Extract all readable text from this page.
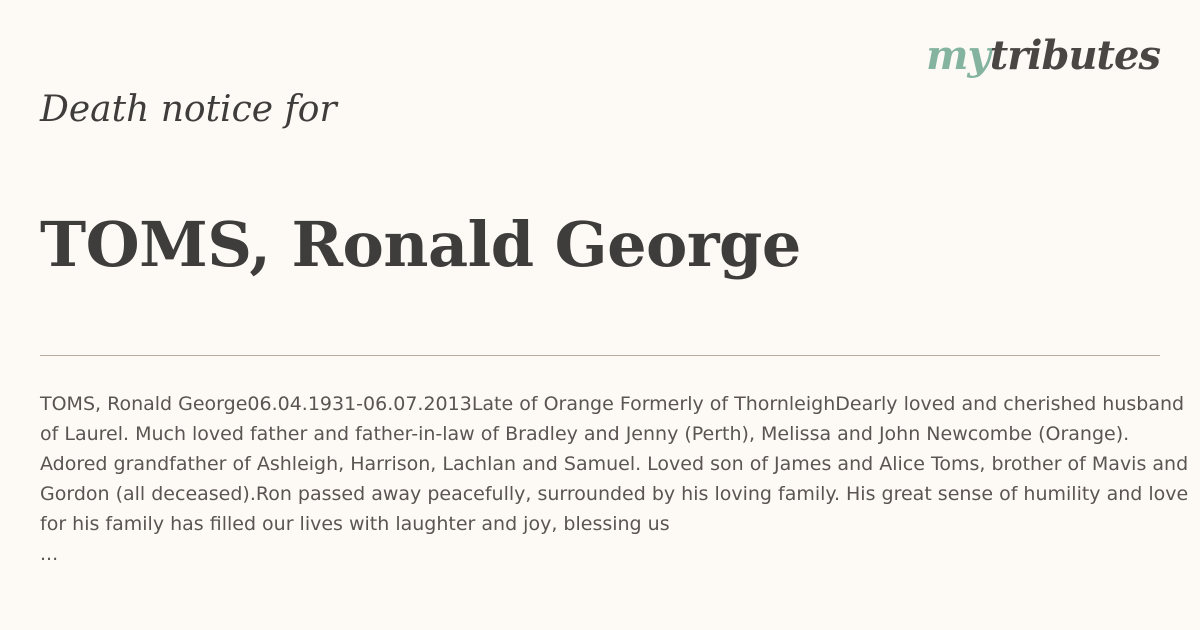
mytributes
Death notice for
TOMS, Ronald George

TOMS, Ronald George06.04.1931-06.07.2013Late of Orange Formerly of ThornleighDearly loved and cherished husband of Laurel. Much loved father and father-in-law of Bradley and Jenny (Perth), Melissa and John Newcombe (Orange). Adored grandfather of Ashleigh, Harrison, Lachlan and Samuel. Loved son of James and Alice Toms, brother of Mavis and Gordon (all deceased).Ron passed away peacefully, surrounded by his loving family. His great sense of humility and love for his family has filled our lives with laughter and joy, blessing us

...
